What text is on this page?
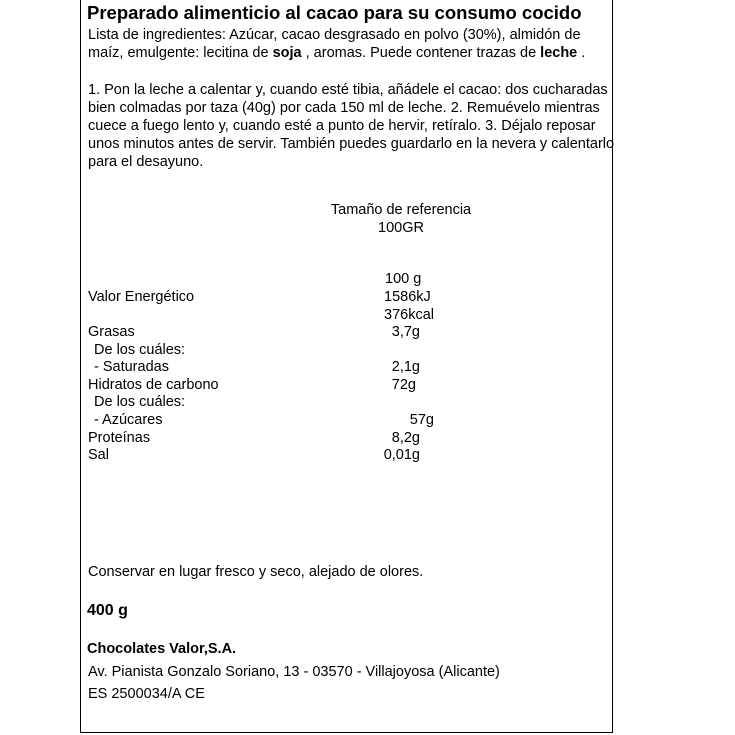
Preparado alimenticio al cacao para su consumo cocido
Lista de ingredientes: Azúcar, cacao desgrasado en polvo (30%), almidón de
maíz, emulgente: lecitina de soja , aromas. Puede contener trazas de leche .
1. Pon la leche a calentar y, cuando esté tibia, añádele el cacao: dos cucharadas
bien colmadas por taza (40g) por cada 150 ml de leche. 2. Remuévelo mientras
cuece a fuego lento y, cuando esté a punto de hervir, retíralo. 3. Déjalo reposar
unos minutos antes de servir. También puedes guardarlo en la nevera y calentarlo
para el desayuno.
Tamaño de referencia
100GR
100 g
Valor Energético	1586kJ
376kcal
Grasas	3,7g
De los cuáles:
- Saturadas	2,1g
Hidratos de carbono	72g
De los cuáles:
- Azúcares	57g
Proteínas	8,2g
Sal	0,01g
Conservar en lugar fresco y seco, alejado de olores.
400 g
Chocolates Valor,S.A.
Av. Pianista Gonzalo Soriano, 13 - 03570 - Villajoyosa (Alicante)
ES 2500034/A CE
